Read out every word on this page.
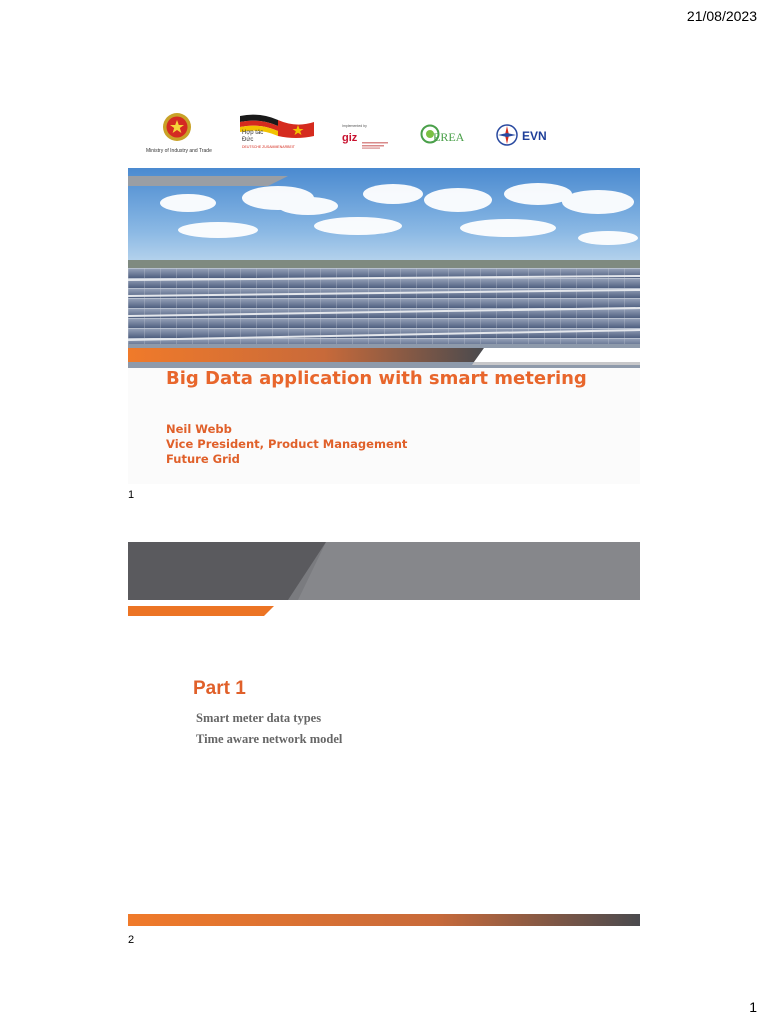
21/08/2023
Ministry of Industry and Trade
Hợp tác
Đức
DEUTSCHE ZUSAMMENARBEIT
Implemented by
giz	EREA	EVN
Big Data application with smart metering
Neil Webb
Vice President, Product Management
Future Grid
1
Part 1
Smart meter data types
Time aware network model
2
1
